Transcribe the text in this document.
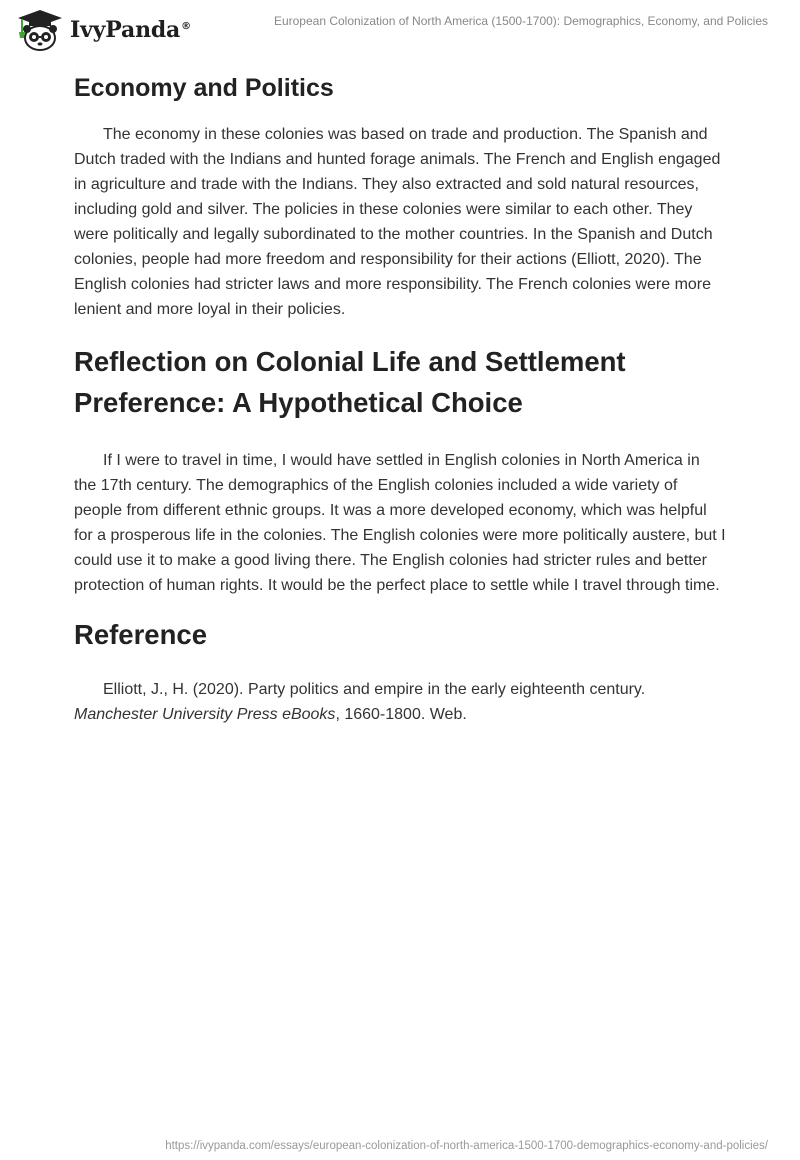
IvyPanda®	European Colonization of North America (1500-1700): Demographics, Economy, and Policies
Economy and Politics

The economy in these colonies was based on trade and production. The Spanish and Dutch traded with the Indians and hunted forage animals. The French and English engaged in agriculture and trade with the Indians. They also extracted and sold natural resources, including gold and silver. The policies in these colonies were similar to each other. They were politically and legally subordinated to the mother countries. In the Spanish and Dutch colonies, people had more freedom and responsibility for their actions (Elliott, 2020). The English colonies had stricter laws and more responsibility. The French colonies were more lenient and more loyal in their policies.

Reflection on Colonial Life and Settlement Preference: A Hypothetical Choice

If I were to travel in time, I would have settled in English colonies in North America in the 17th century. The demographics of the English colonies included a wide variety of people from different ethnic groups. It was a more developed economy, which was helpful for a prosperous life in the colonies. The English colonies were more politically austere, but I could use it to make a good living there. The English colonies had stricter rules and better protection of human rights. It would be the perfect place to settle while I travel through time.

Reference

Elliott, J., H. (2020). Party politics and empire in the early eighteenth century. Manchester University Press eBooks, 1660-1800. Web.

https://ivypanda.com/essays/european-colonization-of-north-america-1500-1700-demographics-economy-and-policies/
